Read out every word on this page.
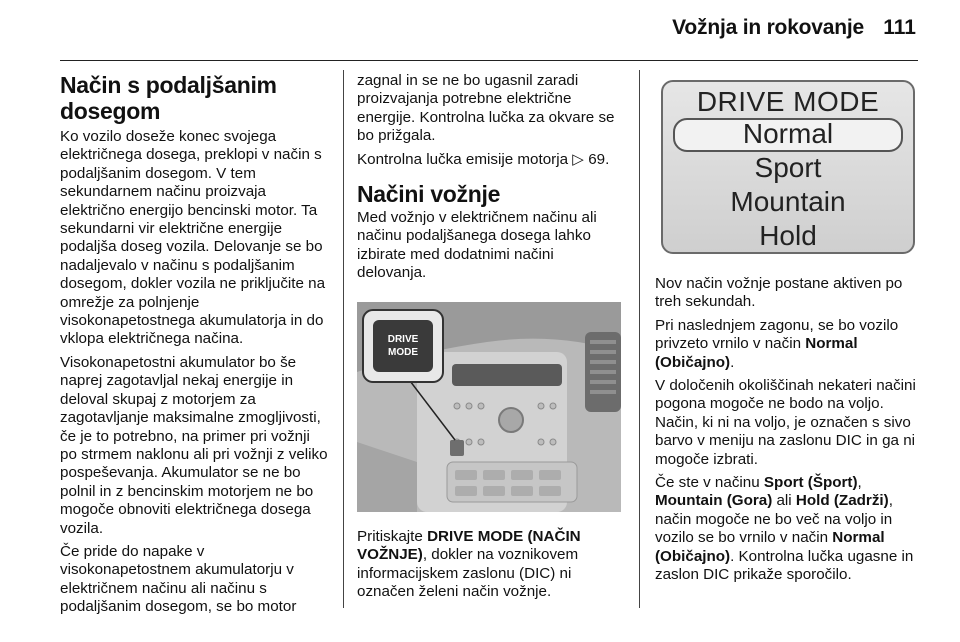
Vožnja in rokovanje 111
Način s podaljšanim dosegom

Ko vozilo doseže konec svojega električnega dosega, preklopi v način s podaljšanim dosegom. V tem sekundarnem načinu proizvaja električno energijo bencinski motor. Ta sekundarni vir električne energije podaljša doseg vozila. Delovanje se bo nadaljevalo v načinu s podaljšanim dosegom, dokler vozila ne priključite na omrežje za polnjenje visokonapetostnega akumulatorja in do vklopa električnega načina.

Visokonapetostni akumulator bo še naprej zagotavljal nekaj energije in deloval skupaj z motorjem za zagotavljanje maksimalne zmogljivosti, če je to potrebno, na primer pri vožnji po strmem naklonu ali pri vožnji z veliko pospeševanja. Akumulator se ne bo polnil in z bencinskim motorjem ne bo mogoče obnoviti električnega dosega vozila.

Če pride do napake v visokonapetostnem akumulatorju v električnem načinu ali načinu s podaljšanim dosegom, se bo motor

zagnal in se ne bo ugasnil zaradi proizvajanja potrebne električne energije. Kontrolna lučka za okvare se bo prižgala.

Kontrolna lučka emisije motorja ▷ 69.

Načini vožnje

Med vožnjo v električnem načinu ali načinu podaljšanega dosega lahko izbirate med dodatnimi načini delovanja.

DRIVE
MODE

Pritiskajte DRIVE MODE (NAČIN VOŽNJE), dokler na voznikovem informacijskem zaslonu (DIC) ni označen želeni način vožnje.

DRIVE MODE
Normal
Sport
Mountain
Hold

Nov način vožnje postane aktiven po treh sekundah.

Pri naslednjem zagonu, se bo vozilo privzeto vrnilo v način Normal (Običajno).

V določenih okoliščinah nekateri načini pogona mogoče ne bodo na voljo. Način, ki ni na voljo, je označen s sivo barvo v meniju na zaslonu DIC in ga ni mogoče izbrati.

Če ste v načinu Sport (Šport), Mountain (Gora) ali Hold (Zadrži), način mogoče ne bo več na voljo in vozilo se bo vrnilo v način Normal (Običajno). Kontrolna lučka ugasne in zaslon DIC prikaže sporočilo.
